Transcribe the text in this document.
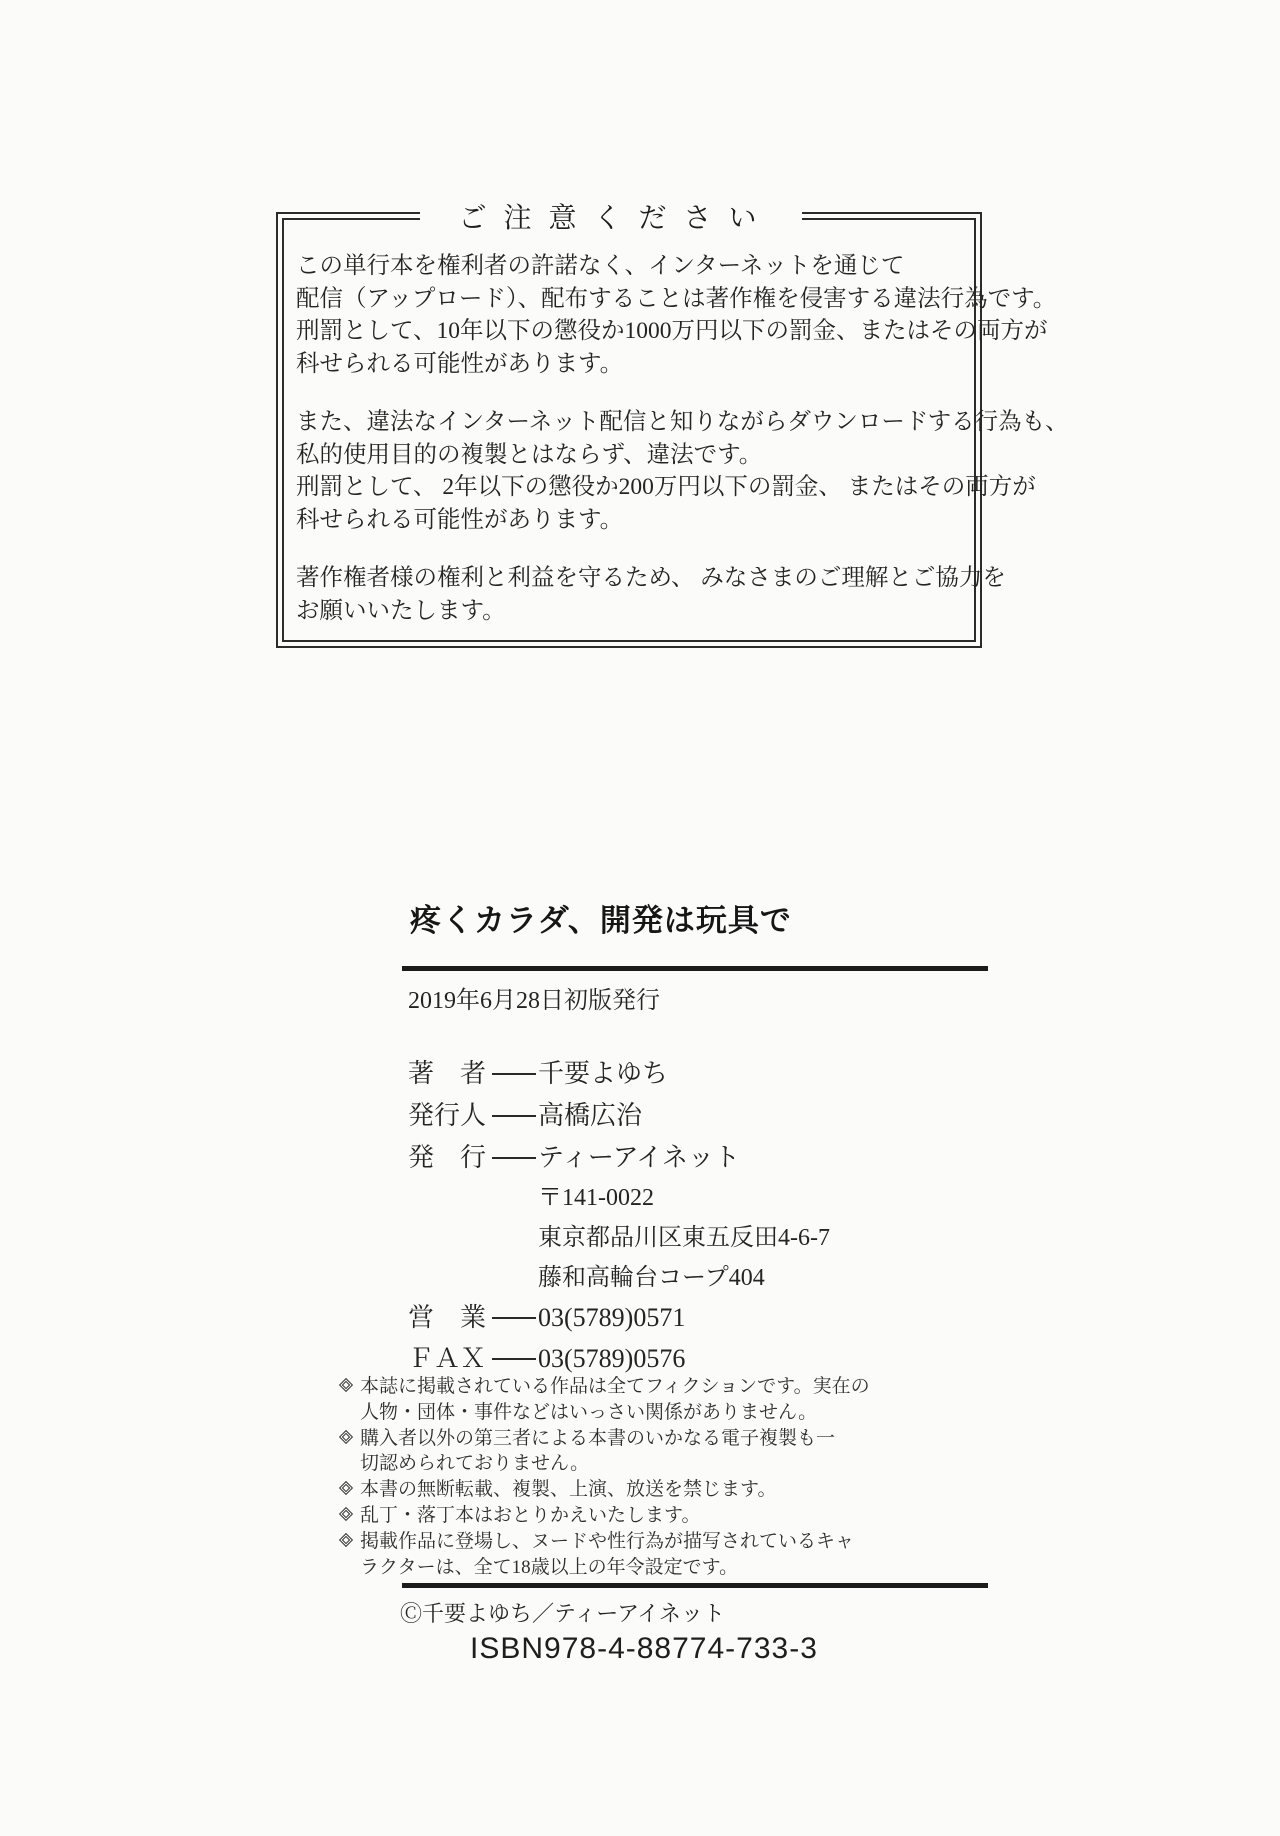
ご注意ください
この単行本を権利者の許諾なく、インターネットを通じて
配信（アップロード）、配布することは著作権を侵害する違法行為です。
刑罰として、10年以下の懲役か1000万円以下の罰金、またはその両方が
科せられる可能性があります。
また、違法なインターネット配信と知りながらダウンロードする行為も、
私的使用目的の複製とはならず、違法です。
刑罰として、 2年以下の懲役か200万円以下の罰金、 またはその両方が
科せられる可能性があります。
著作権者様の権利と利益を守るため、 みなさまのご理解とご協力を
お願いいたします。
疼くカラダ、開発は玩具で
2019年6月28日初版発行
著　者 千要よゆち
発行人 高橋広治
発　行 ティーアイネット
〒141-0022
東京都品川区東五反田4-6-7
藤和高輪台コープ404
営　業 03(5789)0571
ＦＡＸ 03(5789)0576
本誌に掲載されている作品は全てフィクションです。実在の
人物・団体・事件などはいっさい関係がありません。
購入者以外の第三者による本書のいかなる電子複製も一
切認められておりません。
本書の無断転載、複製、上演、放送を禁じます。
乱丁・落丁本はおとりかえいたします。
掲載作品に登場し、ヌードや性行為が描写されているキャ
ラクターは、全て18歳以上の年令設定です。
Ⓒ千要よゆち／ティーアイネット
ISBN978-4-88774-733-3
